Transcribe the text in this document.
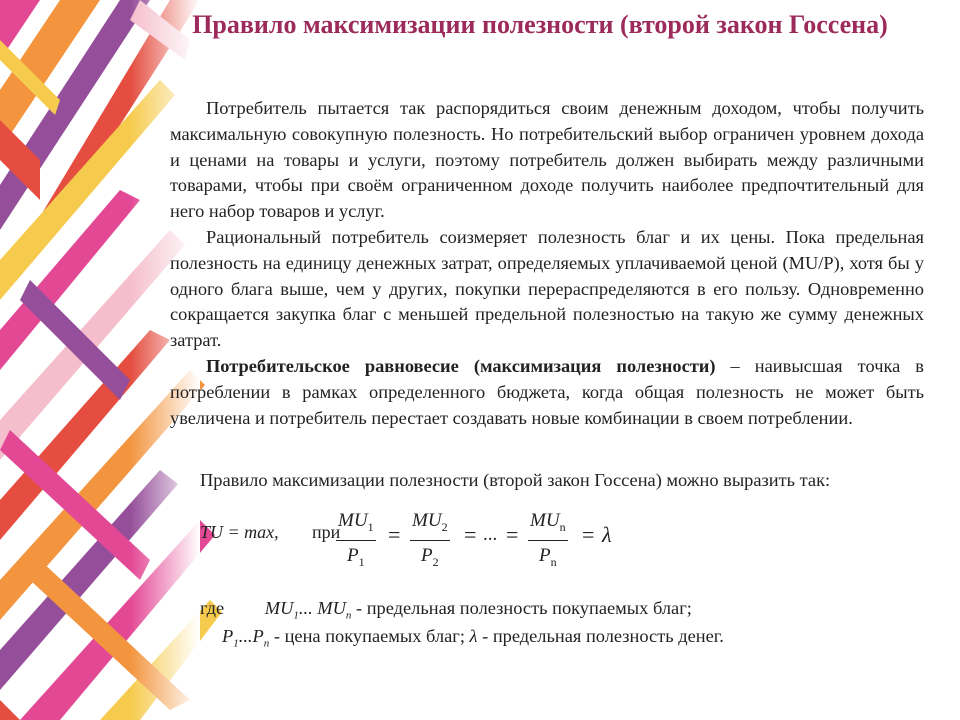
Правило максимизации полезности (второй закон Госсена)

Потребитель пытается так распорядиться своим денежным доходом, чтобы получить максимальную совокупную полезность. Но потребительский выбор ограничен уровнем дохода и ценами на товары и услуги, поэтому потребитель должен выбирать между различными товарами, чтобы при своём ограниченном доходе получить наиболее предпочтительный для него набор товаров и услуг.

Рациональный потребитель соизмеряет полезность благ и их цены. Пока предельная полезность на единицу денежных затрат, определяемых уплачиваемой ценой (MU/P), хотя бы у одного блага выше, чем у других, покупки перераспределяются в его пользу. Одновременно сокращается закупка благ с меньшей предельной полезностью на такую же сумму денежных затрат.

Потребительское равновесие (максимизация полезности) – наивысшая точка в потреблении в рамках определенного бюджета, когда общая полезность не может быть увеличена и потребитель перестает создавать новые комбинации в своем потреблении.

Правило максимизации полезности (второй закон Госсена) можно выразить так:
TU = max, при
$\frac{MU_1}{P_1} = \frac{MU_2}{P_2}$ = ... =
$MU_n$
$P_n$
= λ
где $MU_1$... $MU_n$ - предельная полезность покупаемых благ;
$P_1...P_n$ - цена покупаемых благ; λ - предельная полезность денег.
